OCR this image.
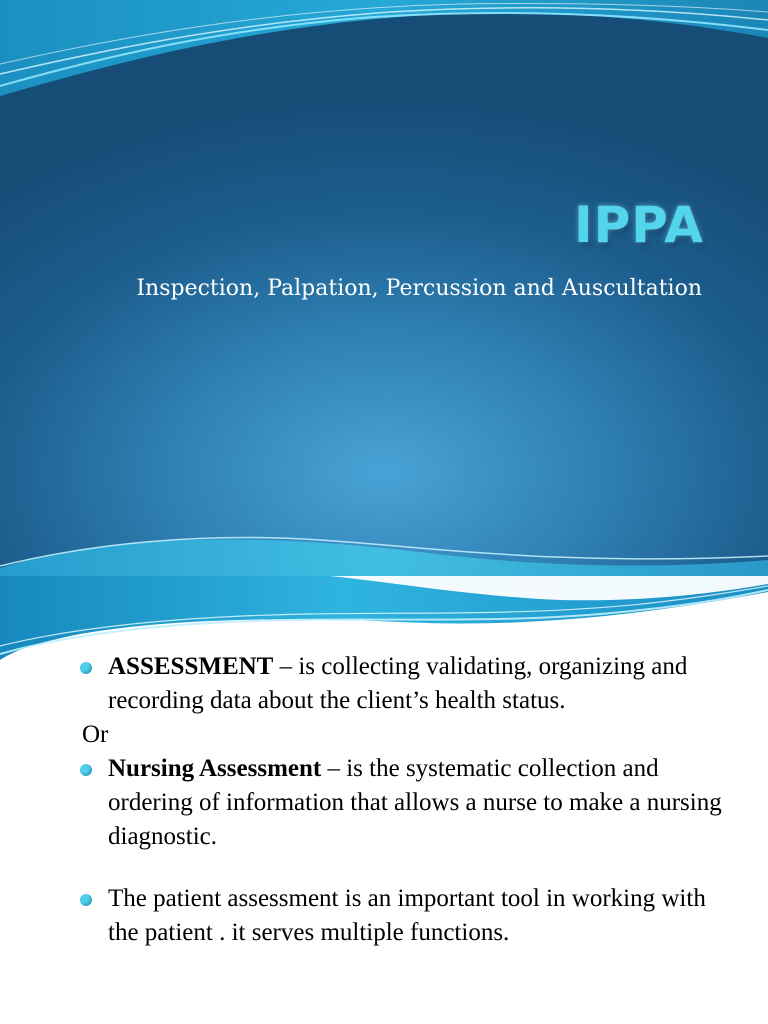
IPPA

Inspection, Palpation, Percussion and Auscultation

ASSESSMENT – is collecting validating, organizing and recording data about the client’s health status.
Or
Nursing Assessment – is the systematic collection and ordering of information that allows a nurse to make a nursing diagnostic.
The patient assessment is an important tool in working with the patient . it serves multiple functions.
